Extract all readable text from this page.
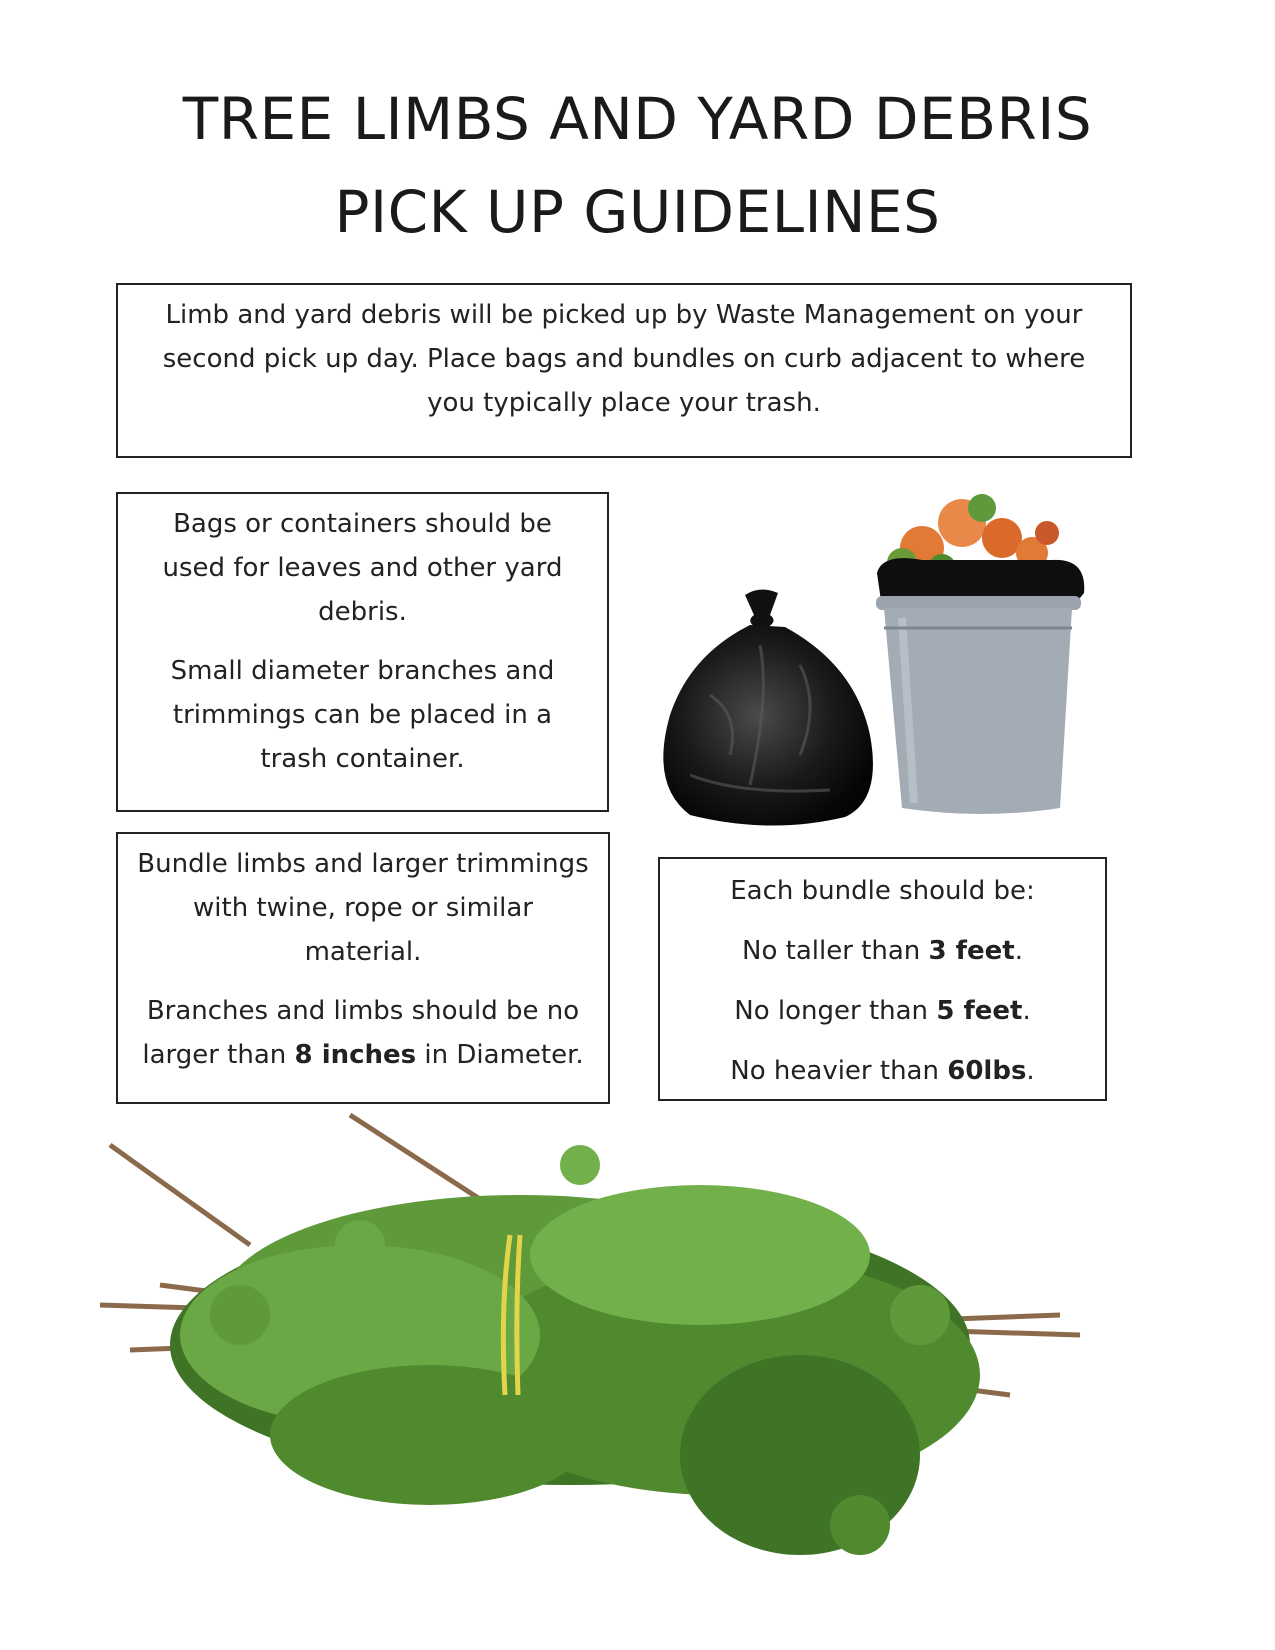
TREE LIMBS AND YARD DEBRIS
PICK UP GUIDELINES

Limb and yard debris will be picked up by Waste Management on your second pick up day. Place bags and bundles on curb adjacent to where you typically place your trash.

Bags or containers should be used for leaves and other yard debris.

Small diameter branches and trimmings can be placed in a trash container.

Bundle limbs and larger trimmings with twine, rope or similar material.

Branches and limbs should be no larger than 8 inches in Diameter.

Each bundle should be:

No taller than 3 feet.

No longer than 5 feet.

No heavier than 60lbs.
